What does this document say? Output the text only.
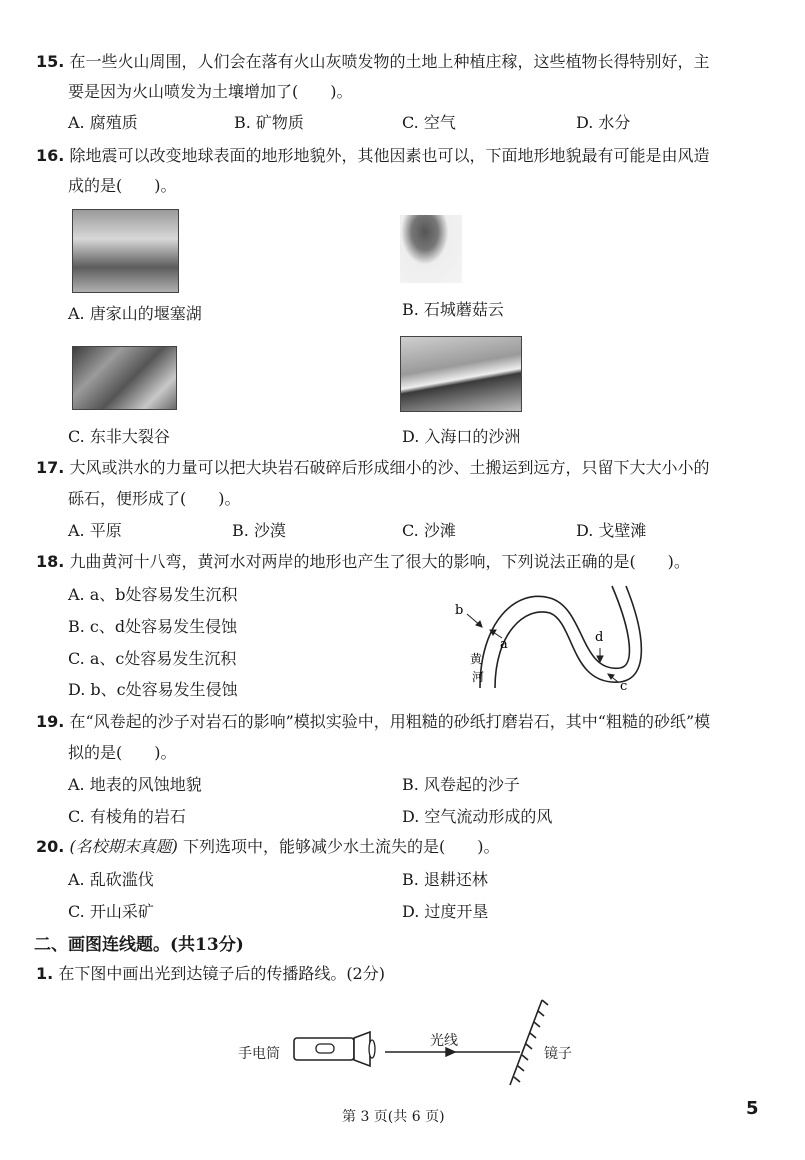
15. 在一些火山周围，人们会在落有火山灰喷发物的土地上种植庄稼，这些植物长得特别好，主
要是因为火山喷发为土壤增加了(　　)。
A. 腐殖质	B. 矿物质	C. 空气	D. 水分
16. 除地震可以改变地球表面的地形地貌外，其他因素也可以，下面地形地貌最有可能是由风造
成的是(　　)。
A. 唐家山的堰塞湖	B. 石城蘑菇云
C. 东非大裂谷	D. 入海口的沙洲
17. 大风或洪水的力量可以把大块岩石破碎后形成细小的沙、土搬运到远方，只留下大大小小的
砾石，便形成了(　　)。
A. 平原	B. 沙漠	C. 沙滩	D. 戈壁滩
18. 九曲黄河十八弯，黄河水对两岸的地形也产生了很大的影响，下列说法正确的是(　　)。
A. a、b处容易发生沉积
B. c、d处容易发生侵蚀
C. a、c处容易发生沉积
D. b、c处容易发生侵蚀
b
a	d
c
黄
河
19. 在“风卷起的沙子对岩石的影响”模拟实验中，用粗糙的砂纸打磨岩石，其中“粗糙的砂纸”模
拟的是(　　)。
A. 地表的风蚀地貌	B. 风卷起的沙子
C. 有棱角的岩石	D. 空气流动形成的风
20. (名校期末真题) 下列选项中，能够减少水土流失的是(　　)。
A. 乱砍滥伐	B. 退耕还林
C. 开山采矿	D. 过度开垦
二、画图连线题。(共13分)
1. 在下图中画出光到达镜子后的传播路线。(2分)
手电筒
光线
镜子
第 3 页(共 6 页)	5
